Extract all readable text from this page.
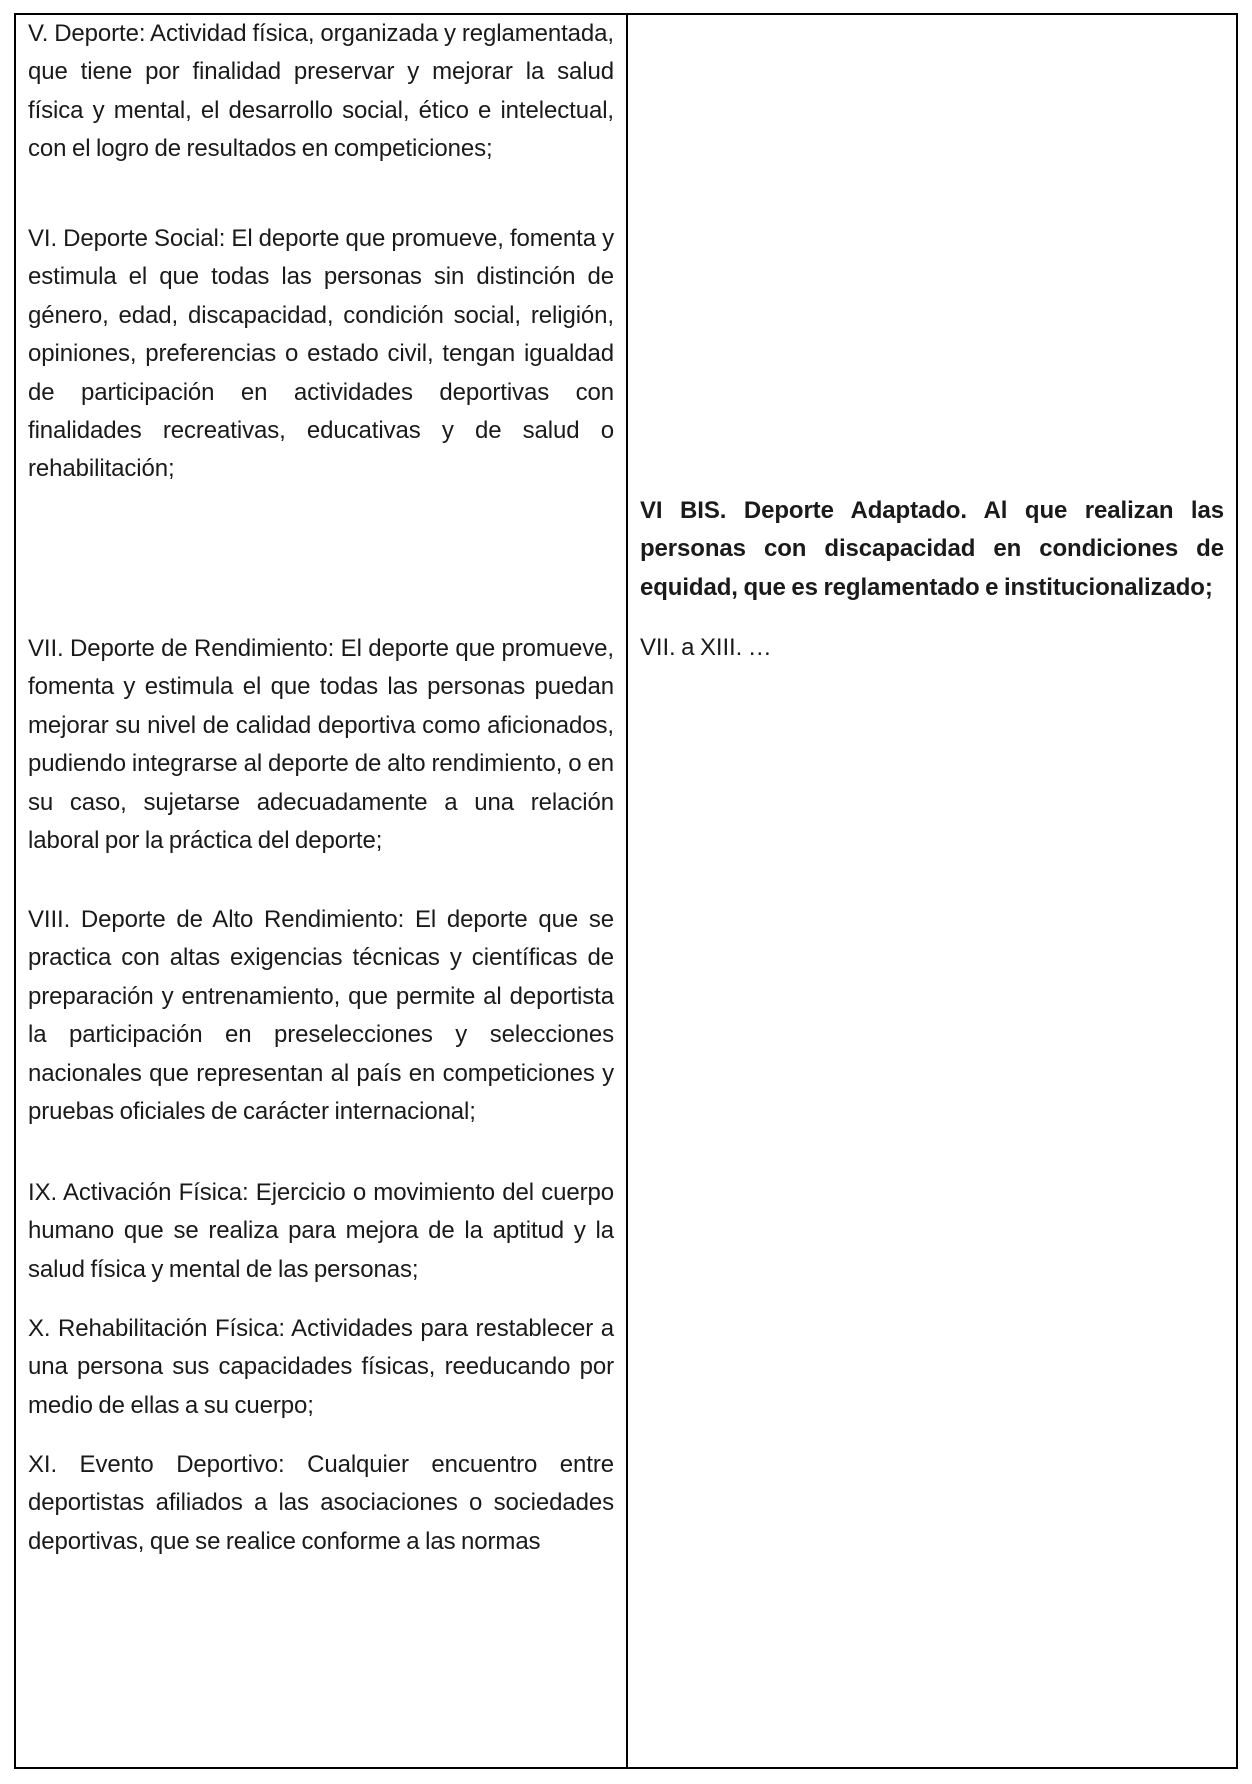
V. Deporte: Actividad física, organizada y reglamentada, que tiene por finalidad preservar y mejorar la salud física y mental, el desarrollo social, ético e intelectual, con el logro de resultados en competiciones;

VI. Deporte Social: El deporte que promueve, fomenta y estimula el que todas las personas sin distinción de género, edad, discapacidad, condición social, religión, opiniones, preferencias o estado civil, tengan igualdad de participación en actividades deportivas con finalidades recreativas, educativas y de salud o rehabilitación;

VII. Deporte de Rendimiento: El deporte que promueve, fomenta y estimula el que todas las personas puedan mejorar su nivel de calidad deportiva como aficionados, pudiendo integrarse al deporte de alto rendimiento, o en su caso, sujetarse adecuadamente a una relación laboral por la práctica del deporte;

VIII. Deporte de Alto Rendimiento: El deporte que se practica con altas exigencias técnicas y científicas de preparación y entrenamiento, que permite al deportista la participación en preselecciones y selecciones nacionales que representan al país en competiciones y pruebas oficiales de carácter internacional;

IX. Activación Física: Ejercicio o movimiento del cuerpo humano que se realiza para mejora de la aptitud y la salud física y mental de las personas;

X. Rehabilitación Física: Actividades para restablecer a una persona sus capacidades físicas, reeducando por medio de ellas a su cuerpo;

XI. Evento Deportivo: Cualquier encuentro entre deportistas afiliados a las asociaciones o sociedades deportivas, que se realice conforme a las normas

VI BIS. Deporte Adaptado. Al que realizan las personas con discapacidad en condiciones de equidad, que es reglamentado e institucionalizado;

VII. a XIII. …
